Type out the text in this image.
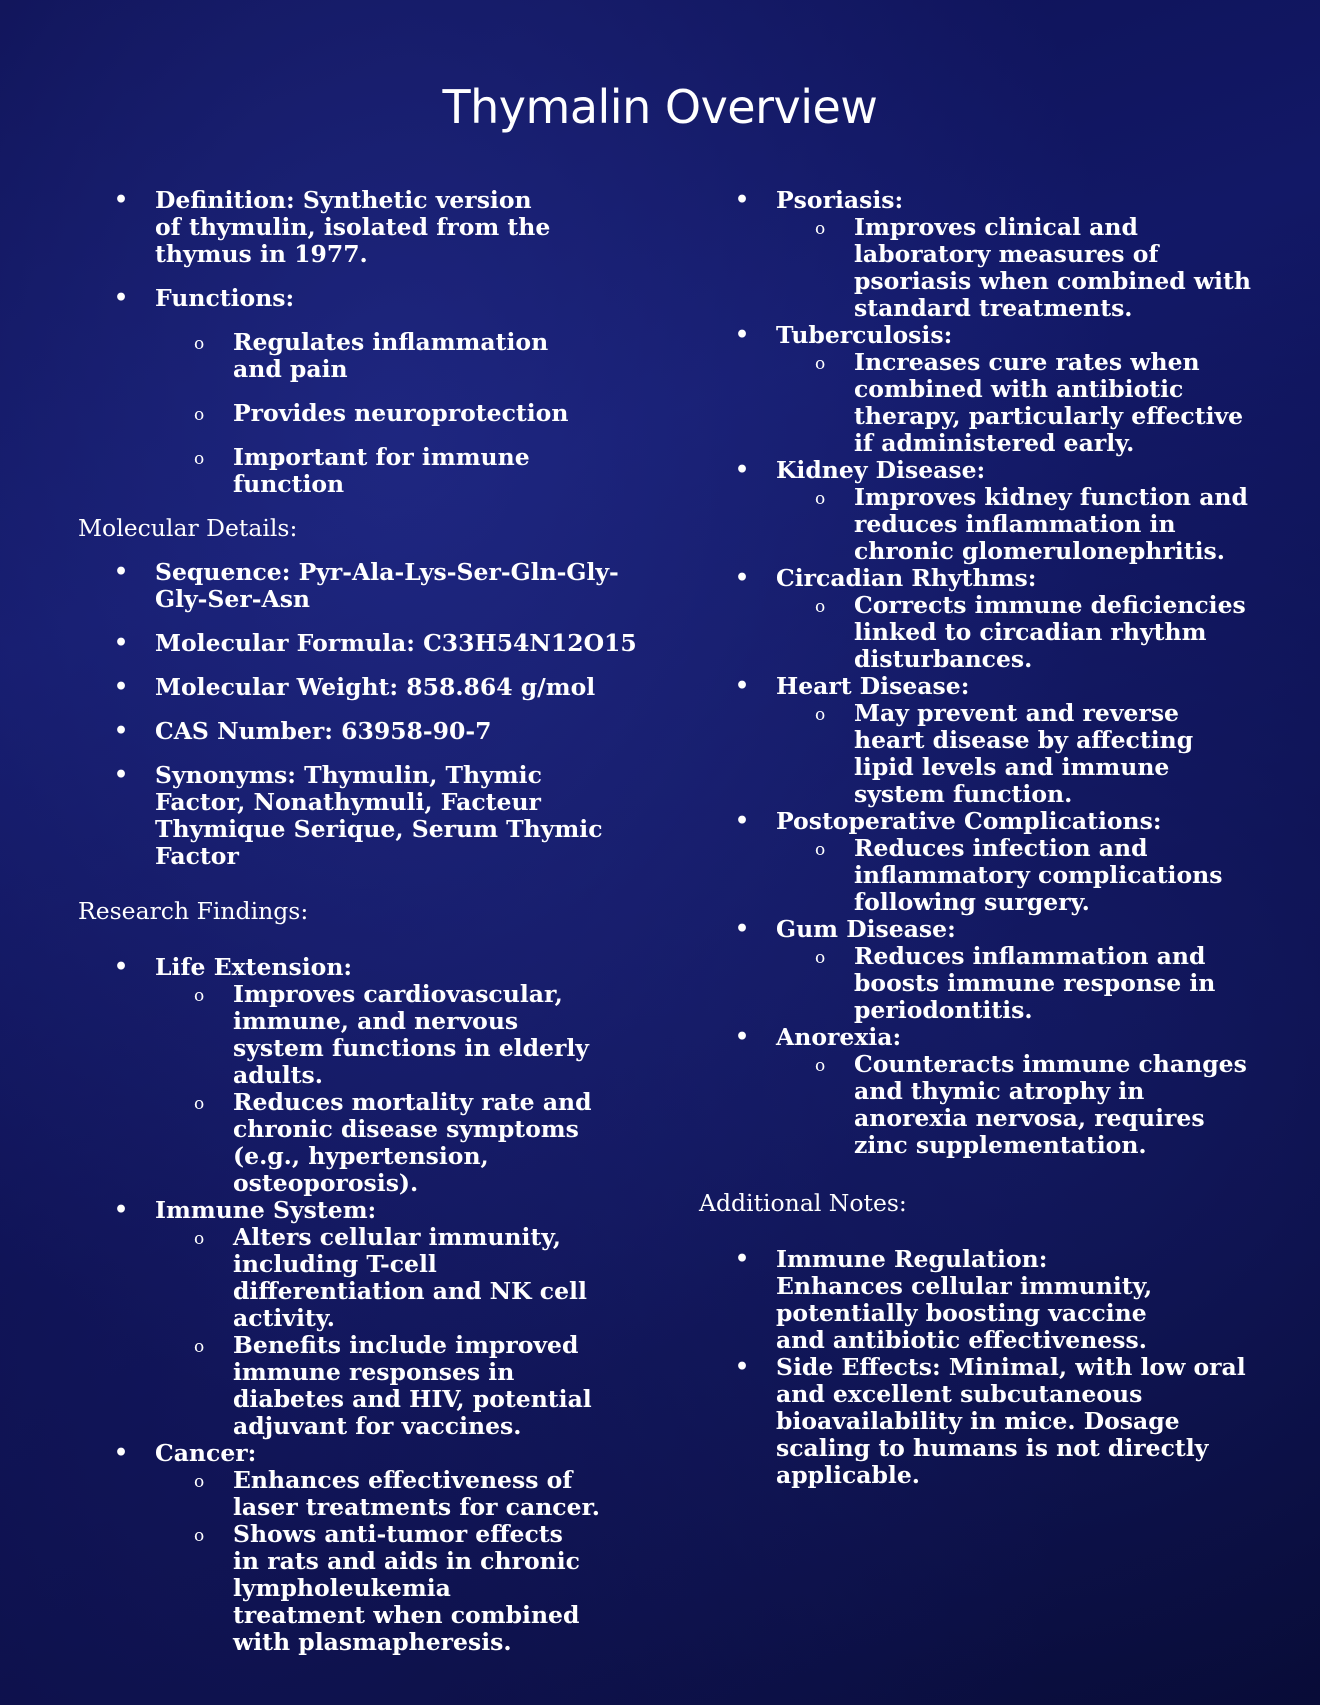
Thymalin Overview
• Definition: Synthetic version of thymulin, isolated from the thymus in 1977.
• Functions:
o Regulates inflammation and pain
o Provides neuroprotection
o Important for immune function

Molecular Details:

• Sequence: Pyr-Ala-Lys-Ser-Gln-Gly-Gly-Ser-Asn
• Molecular Formula: C33H54N12O15
• Molecular Weight: 858.864 g/mol
• CAS Number: 63958-90-7
• Synonyms: Thymulin, Thymic Factor, Nonathymuli, Facteur Thymique Serique, Serum Thymic Factor

Research Findings:

• Life Extension:
o Improves cardiovascular, immune, and nervous system functions in elderly adults.
o Reduces mortality rate and chronic disease symptoms (e.g., hypertension, osteoporosis).
• Immune System:
o Alters cellular immunity, including T-cell differentiation and NK cell activity.
o Benefits include improved immune responses in diabetes and HIV, potential adjuvant for vaccines.
• Cancer:
o Enhances effectiveness of laser treatments for cancer.
o Shows anti-tumor effects in rats and aids in chronic lympholeukemia treatment when combined with plasmapheresis.
• Psoriasis:
o Improves clinical and laboratory measures of psoriasis when combined with standard treatments.
• Tuberculosis:
o Increases cure rates when combined with antibiotic therapy, particularly effective if administered early.
• Kidney Disease:
o Improves kidney function and reduces inflammation in chronic glomerulonephritis.
• Circadian Rhythms:
o Corrects immune deficiencies linked to circadian rhythm disturbances.
• Heart Disease:
o May prevent and reverse heart disease by affecting lipid levels and immune system function.
• Postoperative Complications:
o Reduces infection and inflammatory complications following surgery.
• Gum Disease:
o Reduces inflammation and boosts immune response in periodontitis.
• Anorexia:
o Counteracts immune changes and thymic atrophy in anorexia nervosa, requires zinc supplementation.

Additional Notes:

• Immune Regulation: Enhances cellular immunity, potentially boosting vaccine and antibiotic effectiveness.
• Side Effects: Minimal, with low oral and excellent subcutaneous bioavailability in mice. Dosage scaling to humans is not directly applicable.
